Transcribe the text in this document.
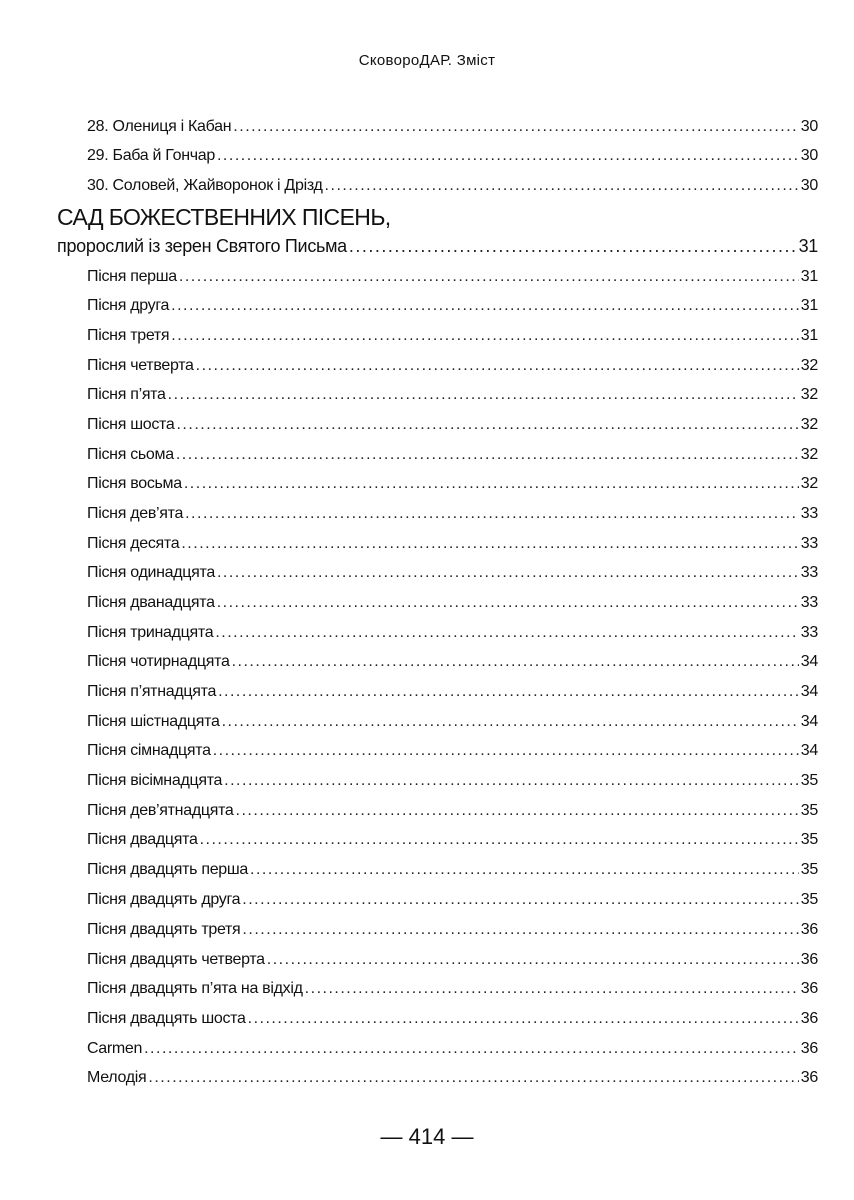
СковороДАР. Зміст
28. Олениця і Кабан .....	30
29. Баба й Гончар .....	30
30. Соловей, Жайворонок і Дрізд .....	30
САД БОЖЕСТВЕННИХ ПІСЕНЬ,
пророслий із зерен Святого Письма .....	31
Пісня перша .....	31
Пісня друга .....	31
Пісня третя .....	31
Пісня четверта .....	32
Пісня п’ята .....	32
Пісня шоста .....	32
Пісня сьома .....	32
Пісня восьма .....	32
Пісня дев’ята .....	33
Пісня десята .....	33
Пісня одинадцята .....	33
Пісня дванадцята .....	33
Пісня тринадцята .....	33
Пісня чотирнадцята .....	34
Пісня п’ятнадцята .....	34
Пісня шістнадцята .....	34
Пісня сімнадцята .....	34
Пісня вісімнадцята .....	35
Пісня дев’ятнадцята .....	35
Пісня двадцята .....	35
Пісня двадцять перша .....	35
Пісня двадцять друга .....	35
Пісня двадцять третя .....	36
Пісня двадцять четверта .....	36
Пісня двадцять п’ята на відхід .....	36
Пісня двадцять шоста .....	36
Carmen .....	36
Мелодія .....	36
— 414 —
